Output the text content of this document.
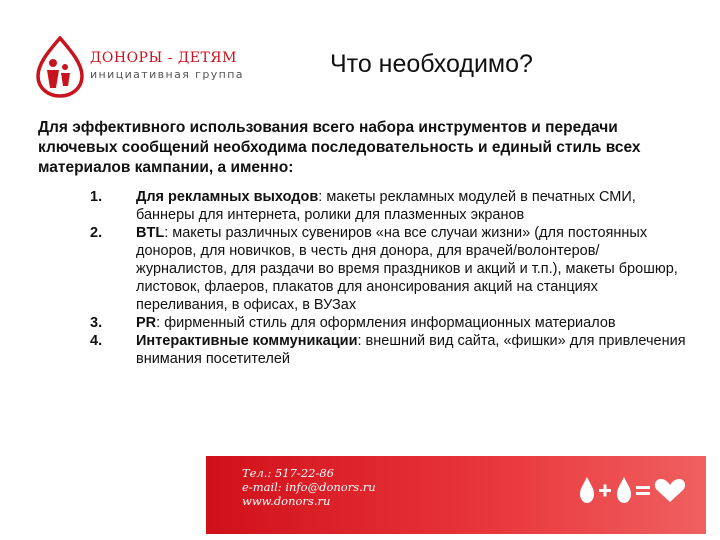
ДОНОРЫ - ДЕТЯМ
инициативная группа	Что необходимо?

Для эффективного использования всего набора инструментов и передачи ключевых сообщений необходима последовательность и единый стиль всех материалов кампании, а именно:

1. Для рекламных выходов: макеты рекламных модулей в печатных СМИ, баннеры для интернета, ролики для плазменных экранов
2. BTL: макеты различных сувениров «на все случаи жизни» (для постоянных доноров, для новичков, в честь дня донора, для врачей/волонтеров/журналистов, для раздачи во время праздников и акций и т.п.), макеты брошюр, листовок, флаеров, плакатов для анонсирования акций на станциях переливания, в офисах, в ВУЗах
3. PR: фирменный стиль для оформления информационных материалов
4. Интерактивные коммуникации: внешний вид сайта, «фишки» для привлечения внимания посетителей
Тел.: 517-22-86
e-mail: info@donors.ru
www.donors.ru
